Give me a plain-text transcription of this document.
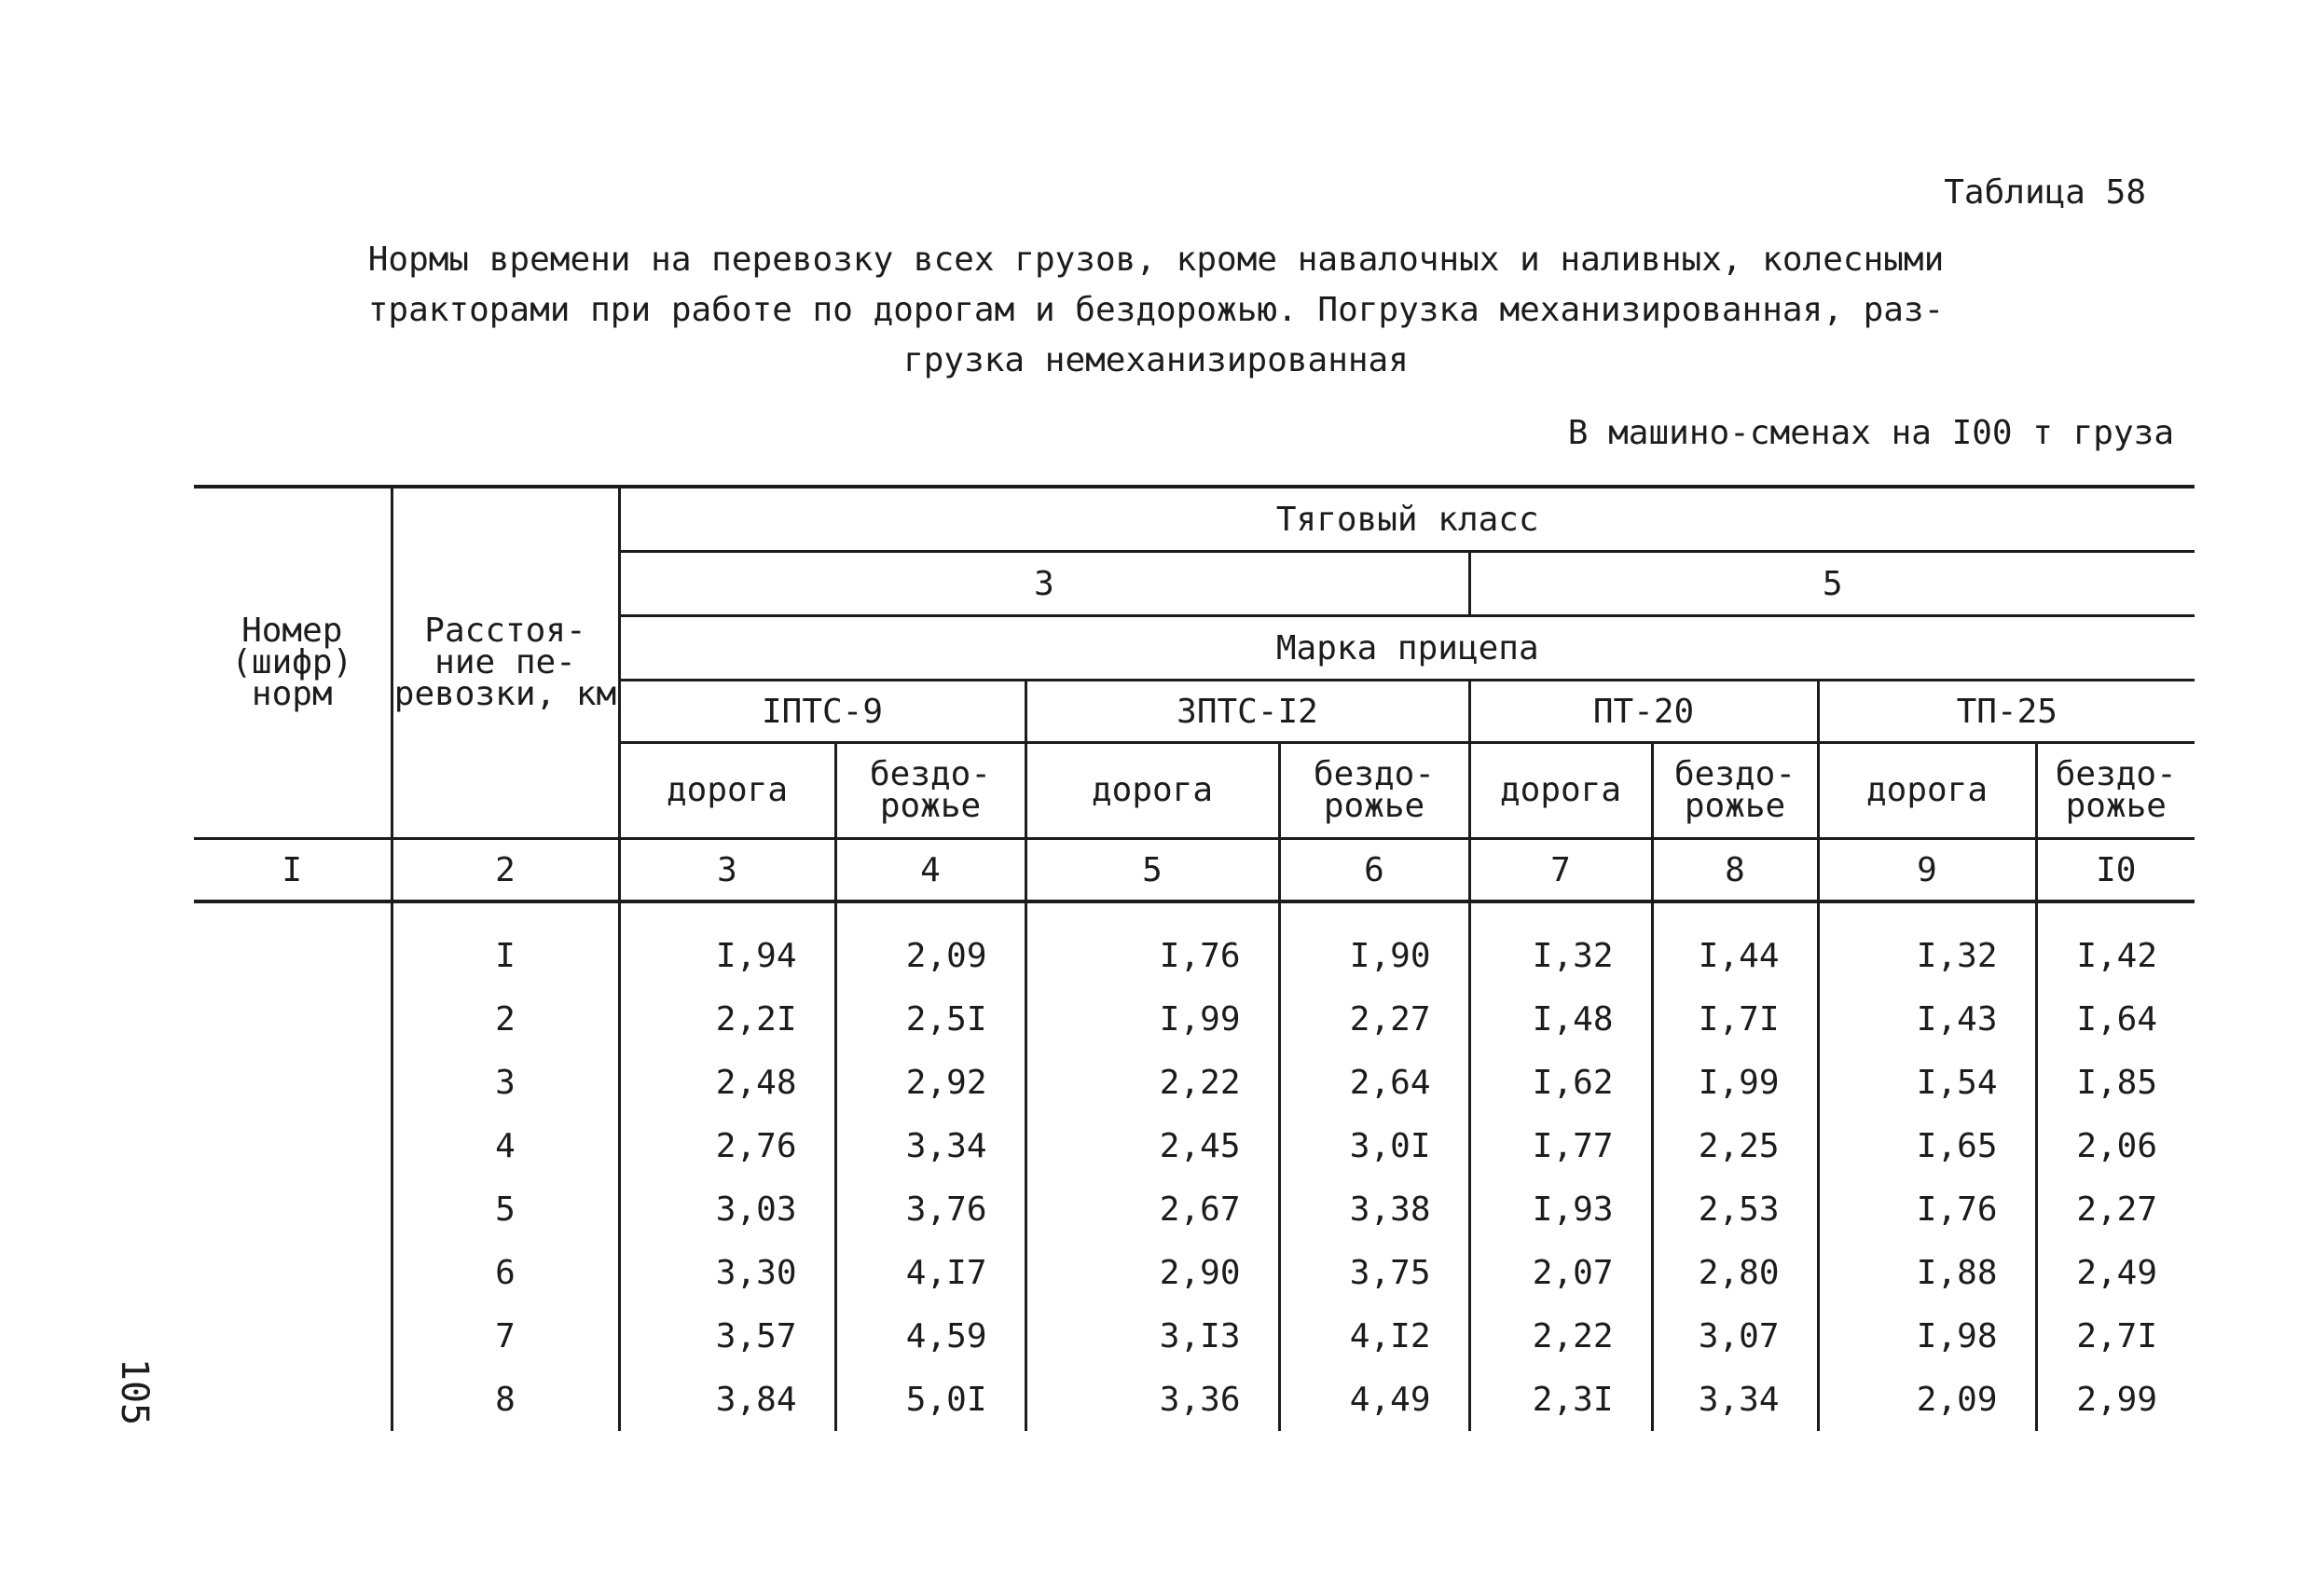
Таблица 58
Нормы времени на перевозку всех грузов, кроме навалочных и наливных, колесными
тракторами при работе по дорогам и бездорожью. Погрузка механизированная, раз-
грузка немеханизированная
В машино-сменах на I00 т груза
Номер (шифр) норм	Расстоя- ние пе- ревозки, км	Тяговый класс							
		3				5			
		Марка прицепа							
		IПТС-9		3ПТС-I2		ПТ-20		ТП-25	
		дорога	бездо- рожье	дорога	бездо- рожье	дорога	бездо- рожье	дорога	бездо- рожье
I	2	3	4	5	6	7	8	9	I0
	I	I,94	2,09	I,76	I,90	I,32	I,44	I,32	I,42
	2	2,2I	2,5I	I,99	2,27	I,48	I,7I	I,43	I,64
	3	2,48	2,92	2,22	2,64	I,62	I,99	I,54	I,85
	4	2,76	3,34	2,45	3,0I	I,77	2,25	I,65	2,06
	5	3,03	3,76	2,67	3,38	I,93	2,53	I,76	2,27
	6	3,30	4,I7	2,90	3,75	2,07	2,80	I,88	2,49
	7	3,57	4,59	3,I3	4,I2	2,22	3,07	I,98	2,7I
	8	3,84	5,0I	3,36	4,49	2,3I	3,34	2,09	2,99
105
